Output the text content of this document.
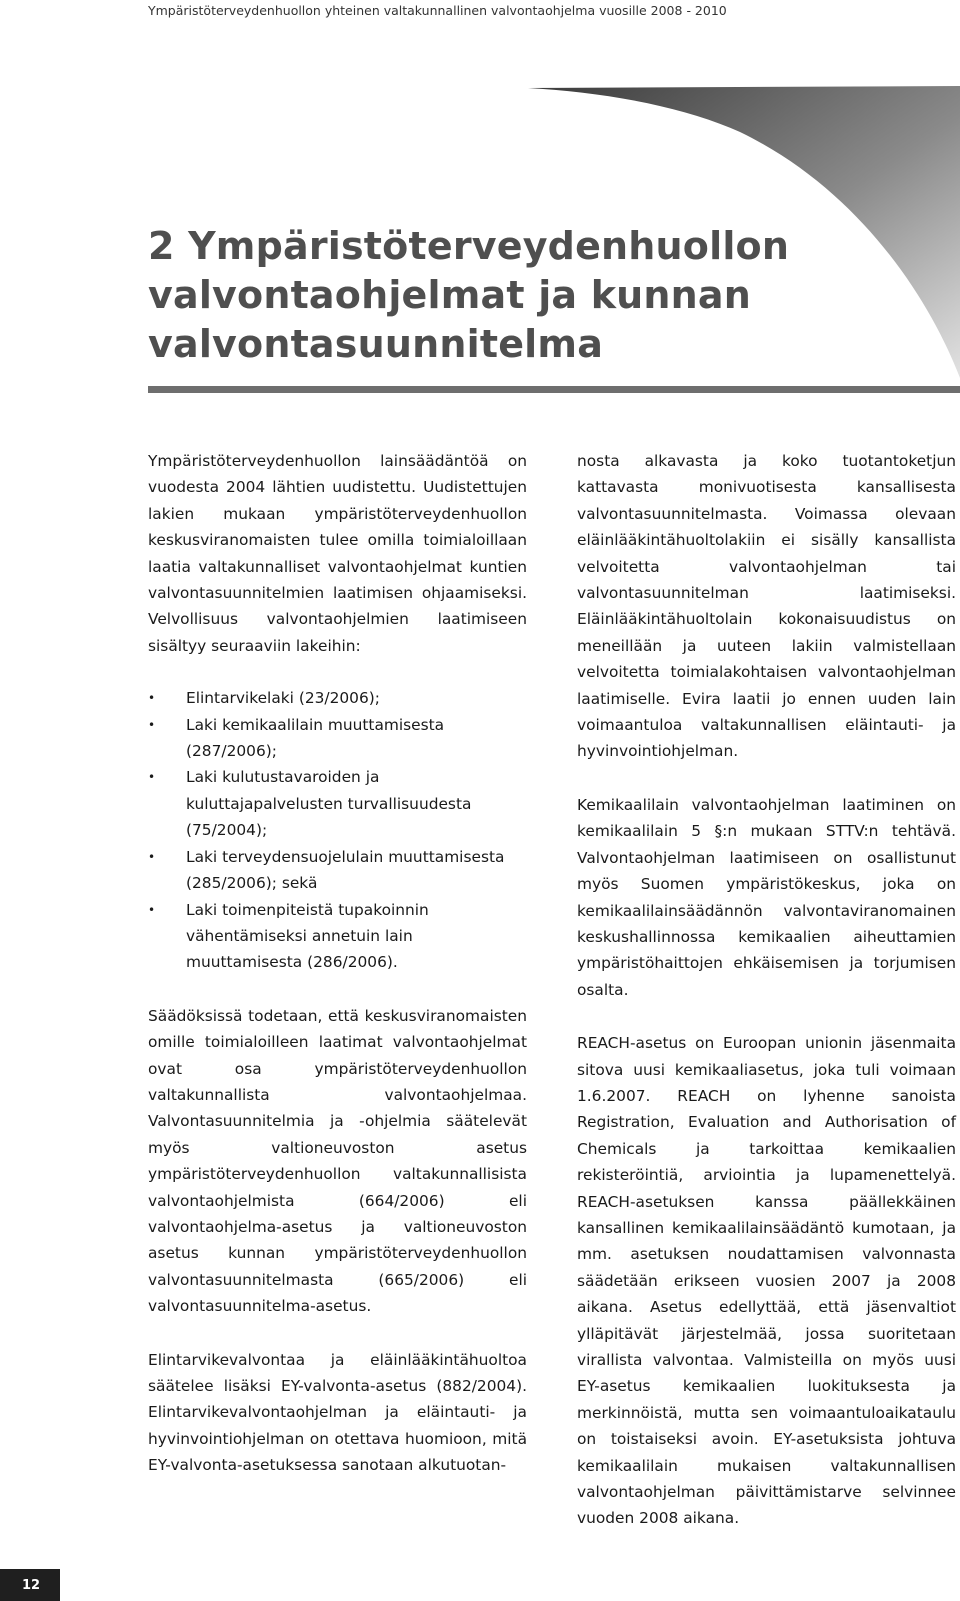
Ympäristöterveydenhuollon yhteinen valtakunnallinen valvontaohjelma vuosille 2008 - 2010
2 Ympäristöterveydenhuollon
valvontaohjelmat ja kunnan
valvontasuunnitelma

Ympäristöterveydenhuollon lainsäädäntöä on vuodesta 2004 lähtien uudistettu. Uudistettujen lakien mukaan ympäristöterveydenhuollon keskusviranomaisten tulee omilla toimialoillaan laatia valtakunnalliset valvontaohjelmat kuntien valvontasuunnitelmien laatimisen ohjaamiseksi. Velvollisuus valvontaohjelmien laatimiseen sisältyy seuraaviin lakeihin:

• Elintarvikelaki (23/2006);
• Laki kemikaalilain muuttamisesta (287/2006);
• Laki kulutustavaroiden ja kuluttajapalvelusten turvallisuudesta (75/2004);
• Laki terveydensuojelulain muuttamisesta (285/2006); sekä
• Laki toimenpiteistä tupakoinnin vähentämiseksi annetuin lain muuttamisesta (286/2006).

Säädöksissä todetaan, että keskusviranomaisten omille toimialoilleen laatimat valvontaohjelmat ovat osa ympäristöterveydenhuollon valtakunnallista valvontaohjelmaa. Valvontasuunnitelmia ja -ohjelmia säätelevät myös valtioneuvoston asetus ympäristöterveydenhuollon valtakunnallisista valvontaohjelmista (664/2006) eli valvontaohjelma-asetus ja valtioneuvoston asetus kunnan ympäristöterveydenhuollon valvontasuunnitelmasta (665/2006) eli valvontasuunnitelma-asetus.

Elintarvikevalvontaa ja eläinlääkintähuoltoa säätelee lisäksi EY-valvonta-asetus (882/2004). Elintarvikevalvontaohjelman ja eläintauti- ja hyvinvointiohjelman on otettava huomioon, mitä EY-valvonta-asetuksessa sanotaan alkutuotan-

nosta alkavasta ja koko tuotantoketjun kattavasta monivuotisesta kansallisesta valvontasuunnitelmasta. Voimassa olevaan eläinlääkintähuoltolakiin ei sisälly kansallista velvoitetta valvontaohjelman tai valvontasuunnitelman laatimiseksi. Eläinlääkintähuoltolain kokonaisuudistus on meneillään ja uuteen lakiin valmistellaan velvoitetta toimialakohtaisen valvontaohjelman laatimiselle. Evira laatii jo ennen uuden lain voimaantuloa valtakunnallisen eläintauti- ja hyvinvointiohjelman.

Kemikaalilain valvontaohjelman laatiminen on kemikaalilain 5 §:n mukaan STTV:n tehtävä. Valvontaohjelman laatimiseen on osallistunut myös Suomen ympäristökeskus, joka on kemikaalilainsäädännön valvontaviranomainen keskushallinnossa kemikaalien aiheuttamien ympäristöhaittojen ehkäisemisen ja torjumisen osalta.

REACH-asetus on Euroopan unionin jäsenmaita sitova uusi kemikaaliasetus, joka tuli voimaan 1.6.2007. REACH on lyhenne sanoista Registration, Evaluation and Authorisation of Chemicals ja tarkoittaa kemikaalien rekisteröintiä, arviointia ja lupamenettelyä. REACH-asetuksen kanssa päällekkäinen kansallinen kemikaalilainsäädäntö kumotaan, ja mm. asetuksen noudattamisen valvonnasta säädetään erikseen vuosien 2007 ja 2008 aikana. Asetus edellyttää, että jäsenvaltiot ylläpitävät järjestelmää, jossa suoritetaan virallista valvontaa. Valmisteilla on myös uusi EY-asetus kemikaalien luokituksesta ja merkinnöistä, mutta sen voimaantuloaikataulu on toistaiseksi avoin. EY-asetuksista johtuva kemikaalilain mukaisen valtakunnallisen valvontaohjelman päivittämistarve selvinnee vuoden 2008 aikana.

12
